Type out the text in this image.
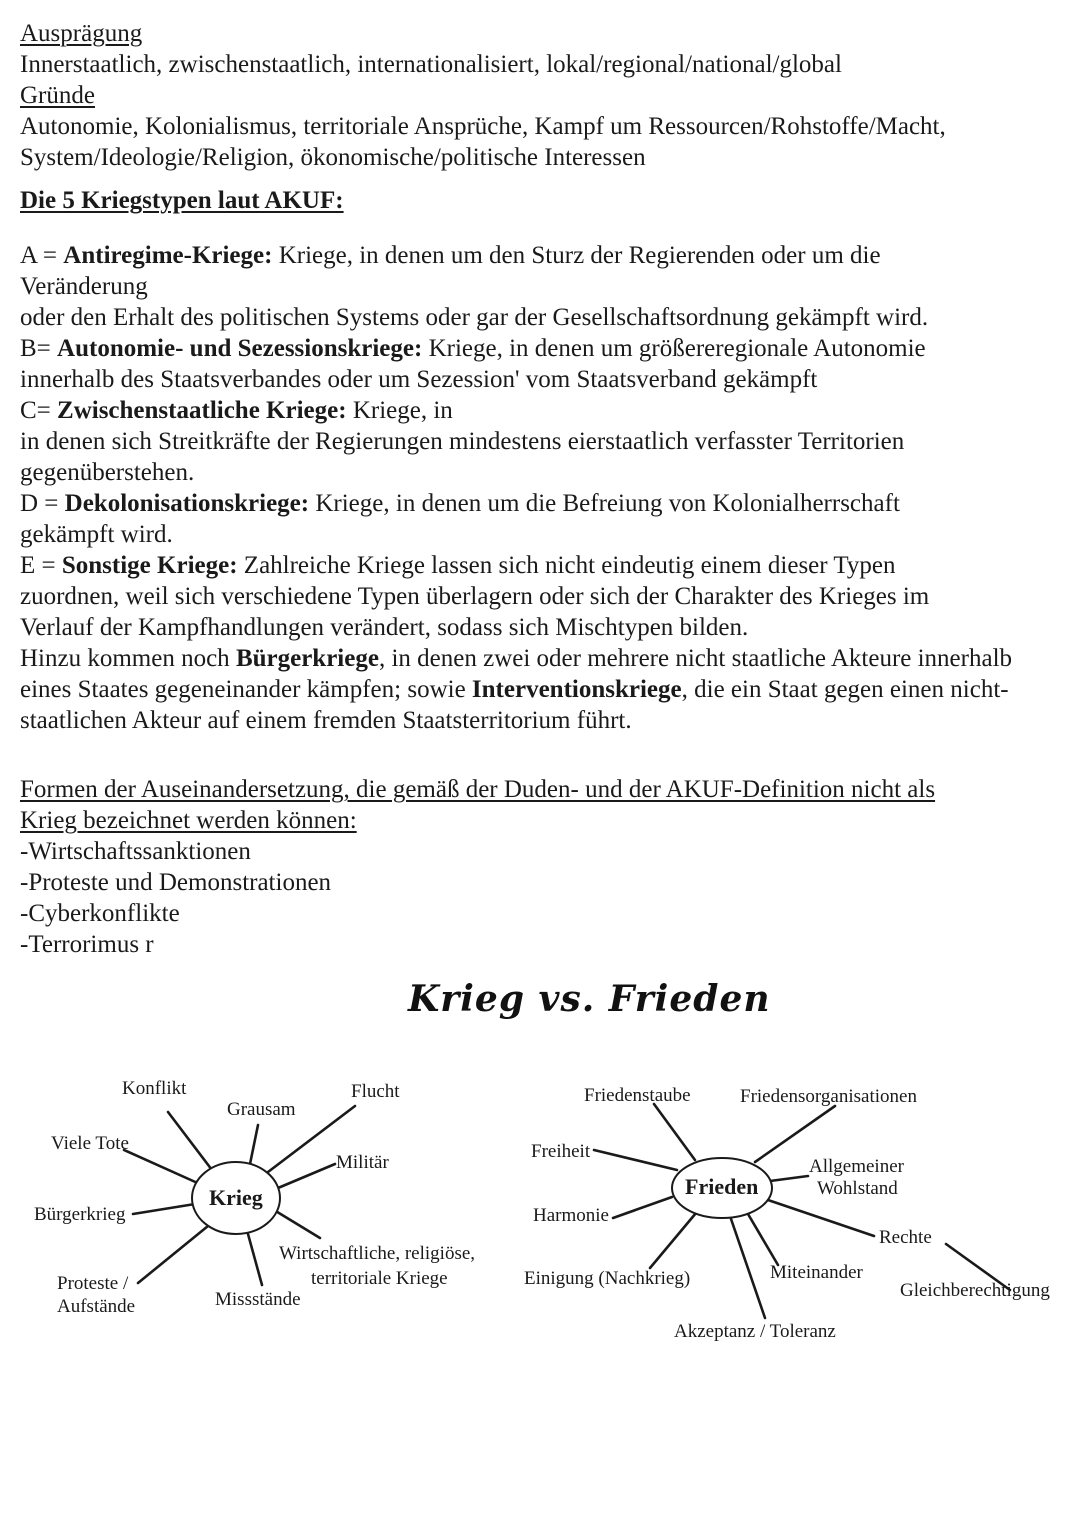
Ausprägung

Innerstaatlich, zwischenstaatlich, internationalisiert, lokal/regional/national/global

Gründe

Autonomie, Kolonialismus, territoriale Ansprüche, Kampf um Ressourcen/Rohstoffe/Macht,

System/Ideologie/Religion, ökonomische/politische Interessen

Die 5 Kriegstypen laut AKUF:

A = Antiregime-Kriege: Kriege, in denen um den Sturz der Regierenden oder um die

Veränderung

oder den Erhalt des politischen Systems oder gar der Gesellschaftsordnung gekämpft wird.

B= Autonomie- und Sezessionskriege: Kriege, in denen um größereregionale Autonomie

innerhalb des Staatsverbandes oder um Sezession' vom Staatsverband gekämpft

C= Zwischenstaatliche Kriege: Kriege, in

in denen sich Streitkräfte der Regierungen mindestens eierstaatlich verfasster Territorien

gegenüberstehen.

D = Dekolonisationskriege: Kriege, in denen um die Befreiung von Kolonialherrschaft

gekämpft wird.

E = Sonstige Kriege: Zahlreiche Kriege lassen sich nicht eindeutig einem dieser Typen

zuordnen, weil sich verschiedene Typen überlagern oder sich der Charakter des Krieges im

Verlauf der Kampfhandlungen verändert, sodass sich Mischtypen bilden.

Hinzu kommen noch Bürgerkriege, in denen zwei oder mehrere nicht staatliche Akteure innerhalb

eines Staates gegeneinander kämpfen; sowie Interventionskriege, die ein Staat gegen einen nicht-

staatlichen Akteur auf einem fremden Staatsterritorium führt.

Formen der Auseinandersetzung, die gemäß der Duden- und der AKUF-Definition nicht als

Krieg bezeichnet werden können:

-Wirtschaftssanktionen

-Proteste und Demonstrationen

-Cyberkonflikte

-Terrorimus r

Krieg vs. Frieden
Krieg
Konflikt
Grausam
Flucht
Viele Tote
Militär
Bürgerkrieg
Wirtschaftliche, religiöse,
territoriale Kriege
Proteste /
Aufstände	Missstände
Frieden
Friedenstaube	Friedensorganisationen
Freiheit
Allgemeiner
Wohlstand
Harmonie
Rechte
Einigung (Nachkrieg)	Miteinander
Gleichberechtigung
Akzeptanz / Toleranz
